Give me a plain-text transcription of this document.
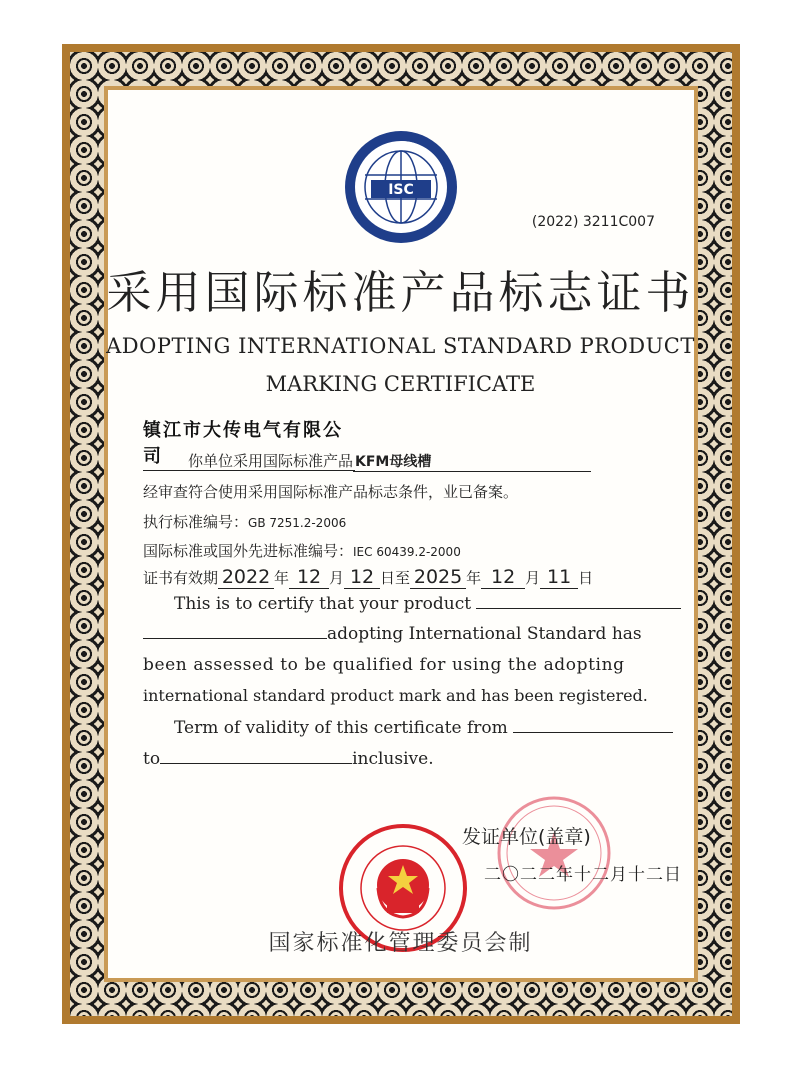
ISC
(2022) 3211C007
采用国际标准产品标志证书
ADOPTING INTERNATIONAL STANDARD PRODUCT
MARKING CERTIFICATE
镇江市大传电气有限公司	你单位采用国际标准产品 KFM母线槽
经审查符合使用采用国际标准产品标志条件，业已备案。
执行标准编号：GB 7251.2-2006
国际标准或国外先进标准编号：IEC 60439.2-2000
证书有效期 2022 年 12 月 12 日至 2025 年 12 月 11 日
This is to certify that your product
adopting International Standard has
been assessed to be qualified for using the adopting
international standard product mark and has been registered.
Term of validity of this certificate from
to	inclusive.
发证单位(盖章)
二〇二二年十二月十二日
国家标准化管理委员会制
